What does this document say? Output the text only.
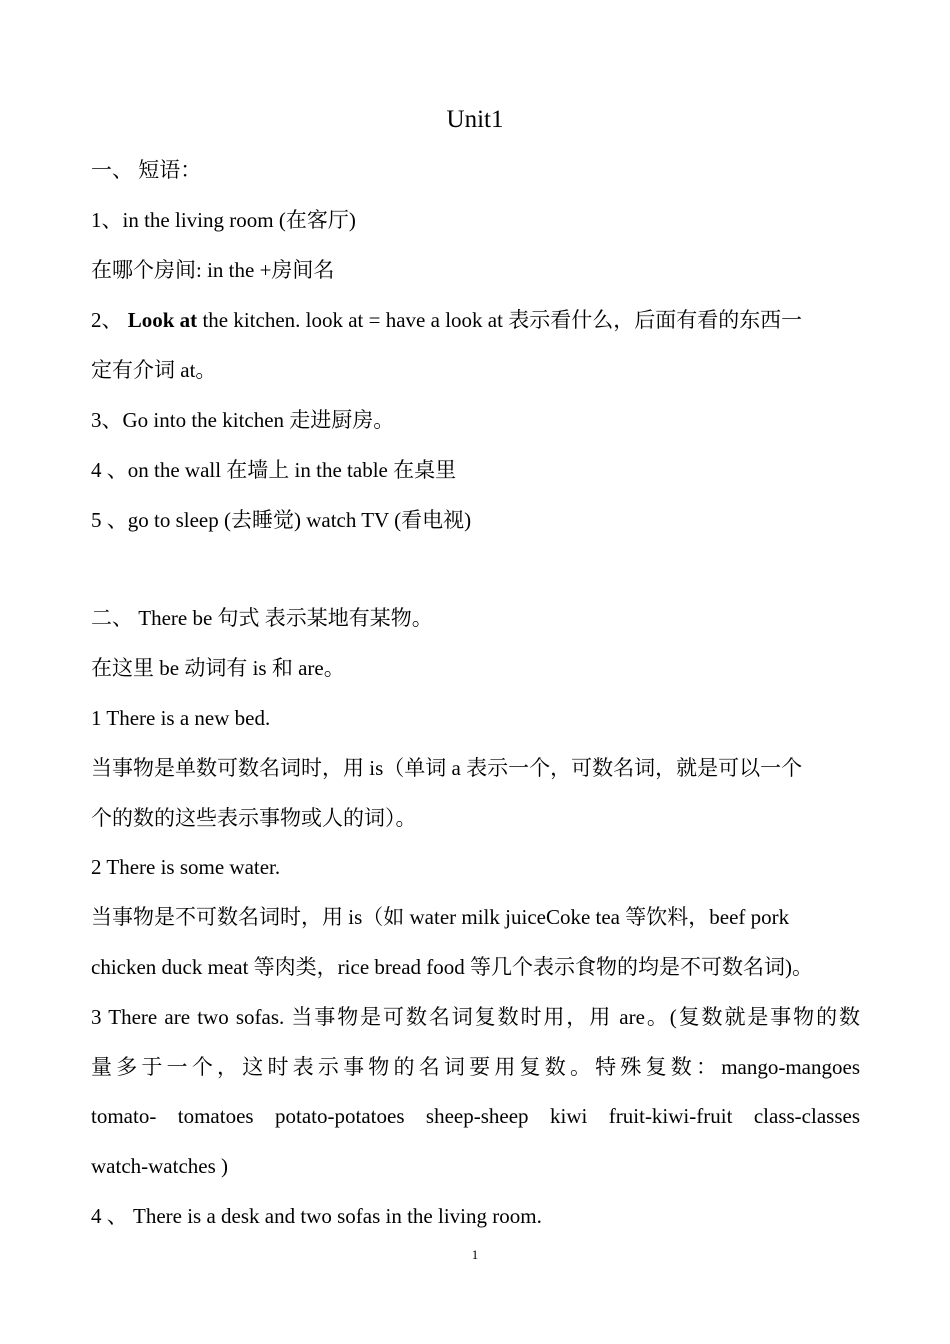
Unit1
一、 短语：
1、in the living room (在客厅)
在哪个房间: in the +房间名
2、 Look at the kitchen. look at = have a look at 表示看什么，后面有看的东西一
定有介词 at。
3、Go into the kitchen 走进厨房。
4 、on the wall 在墙上 in the table 在桌里
5 、go to sleep (去睡觉) watch TV (看电视)
二、 There be 句式 表示某地有某物。
在这里 be 动词有 is 和 are。
1 There is a new bed.
当事物是单数可数名词时，用 is（单词 a 表示一个，可数名词，就是可以一个
个的数的这些表示事物或人的词）。
2 There is some water.
当事物是不可数名词时，用 is（如 water milk juiceCoke tea 等饮料，beef pork
chicken duck meat 等肉类，rice bread food 等几个表示食物的均是不可数名词)。
3 There are two sofas. 当事物是可数名词复数时用，用 are。(复数就是事物的数
量多于一个，这时表示事物的名词要用复数。特殊复数：mango-mangoes
tomato- tomatoes potato-potatoes sheep-sheep kiwi fruit-kiwi-fruit class-classes
watch-watches )
4 、 There is a desk and two sofas in the living room.
1
